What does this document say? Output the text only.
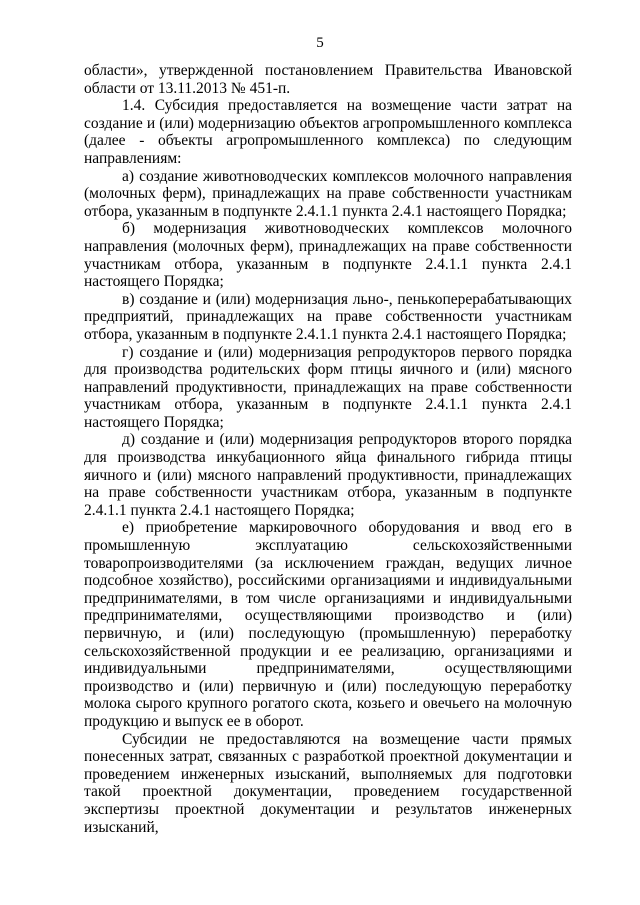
5

области», утвержденной постановлением Правительства Ивановской области от 13.11.2013 № 451-п.

1.4. Субсидия предоставляется на возмещение части затрат на создание и (или) модернизацию объектов агропромышленного комплекса (далее - объекты агропромышленного комплекса) по следующим направлениям:

а) создание животноводческих комплексов молочного направления (молочных ферм), принадлежащих на праве собственности участникам отбора, указанным в подпункте 2.4.1.1 пункта 2.4.1 настоящего Порядка;

б) модернизация животноводческих комплексов молочного направления (молочных ферм), принадлежащих на праве собственности участникам отбора, указанным в подпункте 2.4.1.1 пункта 2.4.1 настоящего Порядка;

в) создание и (или) модернизация льно-, пенькоперерабатывающих предприятий, принадлежащих на праве собственности участникам отбора, указанным в подпункте 2.4.1.1 пункта 2.4.1 настоящего Порядка;

г) создание и (или) модернизация репродукторов первого порядка для производства родительских форм птицы яичного и (или) мясного направлений продуктивности, принадлежащих на праве собственности участникам отбора, указанным в подпункте 2.4.1.1 пункта 2.4.1 настоящего Порядка;

д) создание и (или) модернизация репродукторов второго порядка для производства инкубационного яйца финального гибрида птицы яичного и (или) мясного направлений продуктивности, принадлежащих на праве собственности участникам отбора, указанным в подпункте 2.4.1.1 пункта 2.4.1 настоящего Порядка;

е) приобретение маркировочного оборудования и ввод его в промышленную эксплуатацию сельскохозяйственными товаропроизводителями (за исключением граждан, ведущих личное подсобное хозяйство), российскими организациями и индивидуальными предпринимателями, в том числе организациями и индивидуальными предпринимателями, осуществляющими производство и (или) первичную, и (или) последующую (промышленную) переработку сельскохозяйственной продукции и ее реализацию, организациями и индивидуальными предпринимателями, осуществляющими производство и (или) первичную и (или) последующую переработку молока сырого крупного рогатого скота, козьего и овечьего на молочную продукцию и выпуск ее в оборот.

Субсидии не предоставляются на возмещение части прямых понесенных затрат, связанных с разработкой проектной документации и проведением инженерных изысканий, выполняемых для подготовки такой проектной документации, проведением государственной экспертизы проектной документации и результатов инженерных изысканий,
